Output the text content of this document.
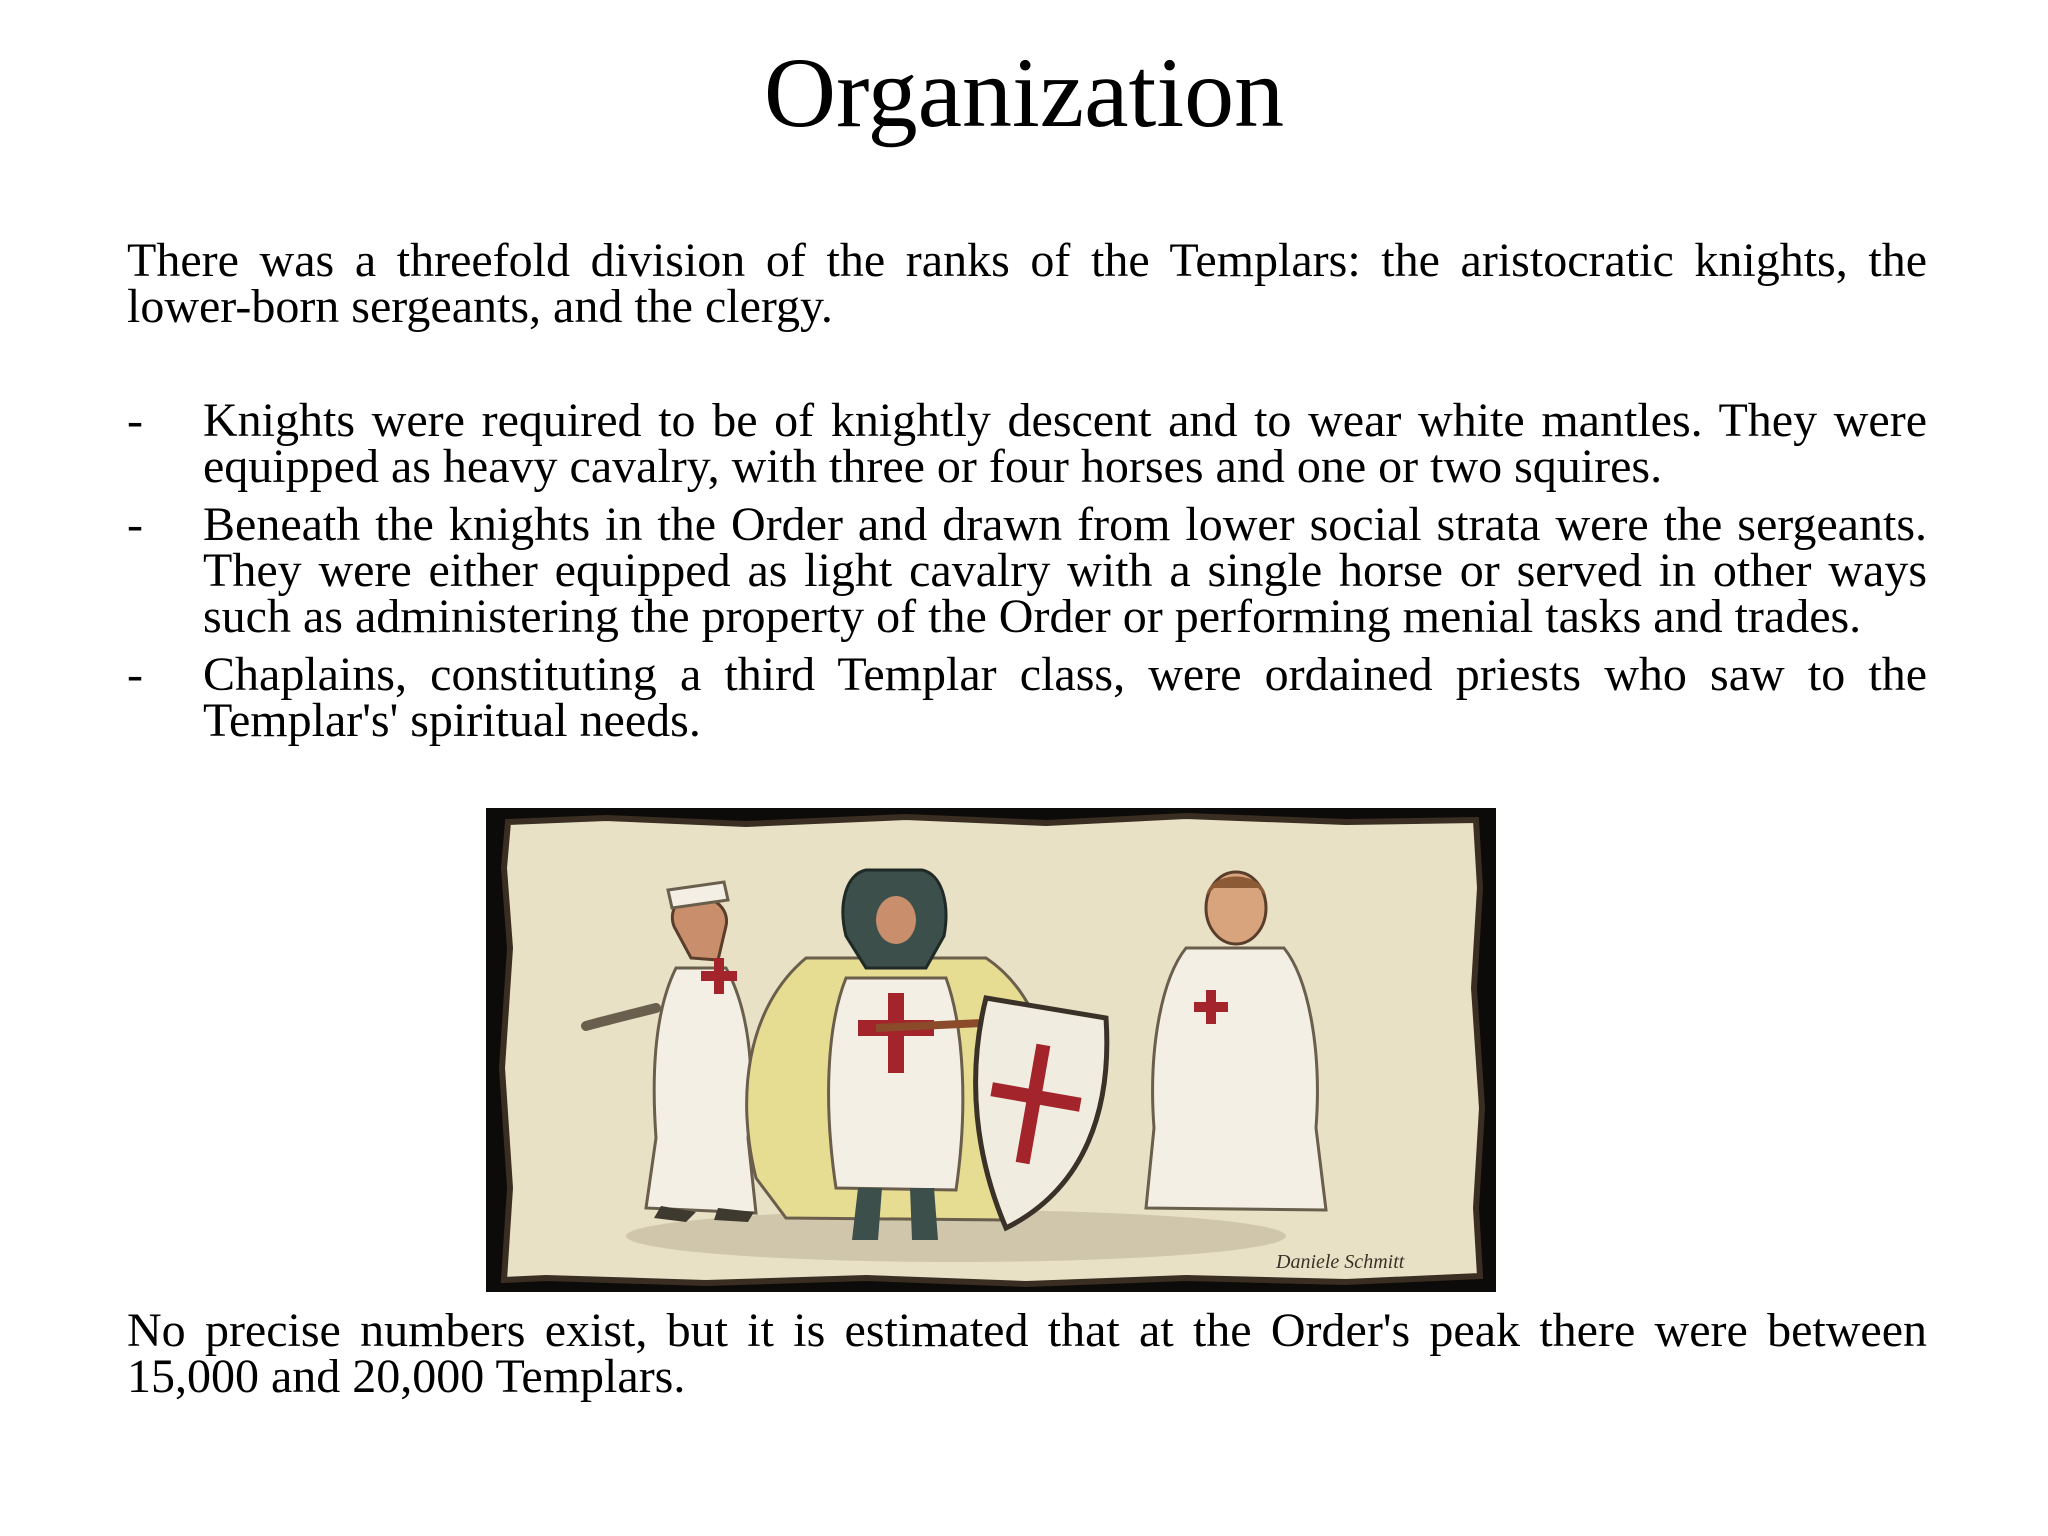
Organization

There was a threefold division of the ranks of the Templars: the aristocratic knights, the lower-born sergeants, and the clergy.

- Knights were required to be of knightly descent and to wear white mantles. They were equipped as heavy cavalry, with three or four horses and one or two squires.
- Beneath the knights in the Order and drawn from lower social strata were the sergeants. They were either equipped as light cavalry with a single horse or served in other ways such as administering the property of the Order or performing menial tasks and trades.
- Chaplains, constituting a third Templar class, were ordained priests who saw to the Templar's' spiritual needs.
Daniele Schmitt

No precise numbers exist, but it is estimated that at the Order's peak there were between 15,000 and 20,000 Templars.
